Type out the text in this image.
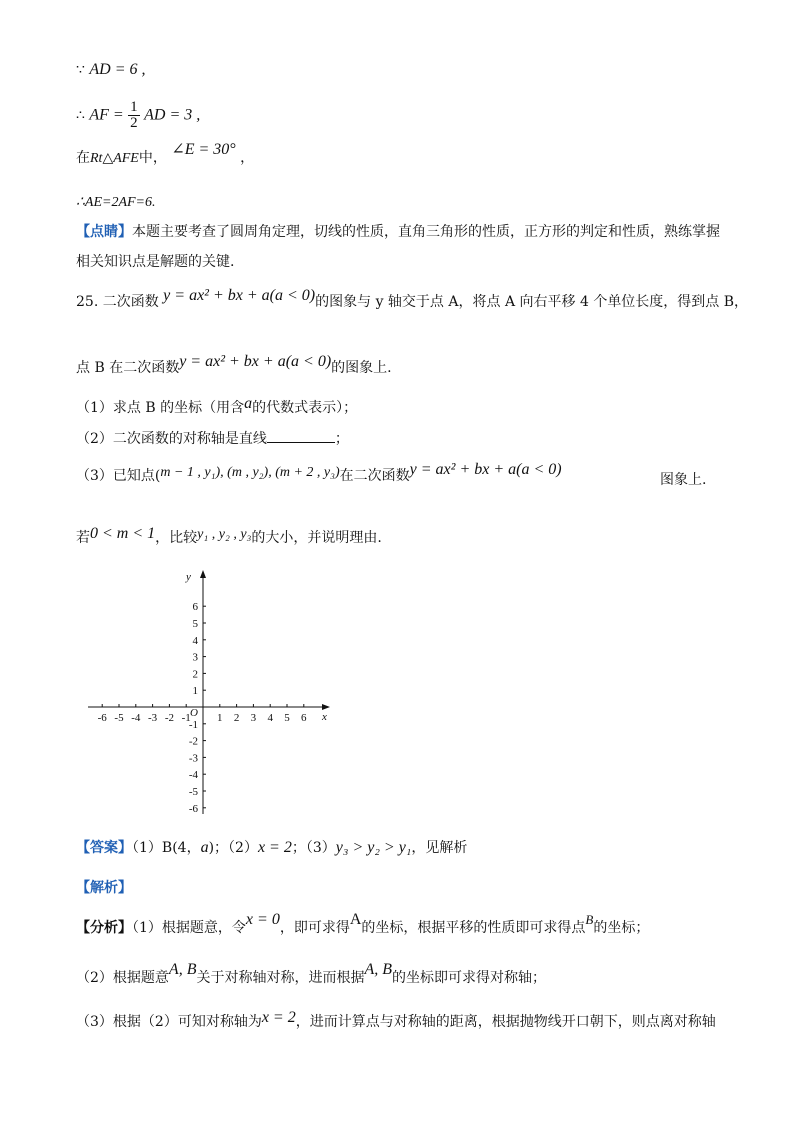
∵ AD = 6 ,
∴ AF = $\frac{1}{2}$ AD = 3 ,
在Rt△AFE中， ∠E = 30° ，
∴AE=2AF=6.
【点睛】本题主要考查了圆周角定理，切线的性质，直角三角形的性质，正方形的判定和性质，熟练掌握
相关知识点是解题的关键.
25. 二次函数 y = ax² + bx + a(a < 0)的图象与 y 轴交于点 A，将点 A 向右平移 4 个单位长度，得到点 B，
点 B 在二次函数y = ax² + bx + a(a < 0)的图象上.
（1）求点 B 的坐标（用含a的代数式表示）；
（2）二次函数的对称轴是直线	；
（3）已知点(m − 1 , y₁), (m , y₂), (m + 2 , y₃)在二次函数y = ax² + bx + a(a < 0)
图象上.
若0 < m < 1，比较y₁ , y₂ , y₃的大小，并说明理由.
-6 -5 -4 -3 -2 -1 1 2 3 4 5 6
6
5
4
3
2
1
-1
-2
-3
-4
-5
-6
O	x
y
【答案】（1）B(4，a)；（2）x = 2；（3）y₃ > y₂ > y₁，见解析
【解析】
【分析】（1）根据题意，令x = 0，即可求得A的坐标，根据平移的性质即可求得点B的坐标；
（2）根据题意A, B关于对称轴对称，进而根据A, B的坐标即可求得对称轴；
（3）根据（2）可知对称轴为x = 2，进而计算点与对称轴的距离，根据抛物线开口朝下，则点离对称轴
